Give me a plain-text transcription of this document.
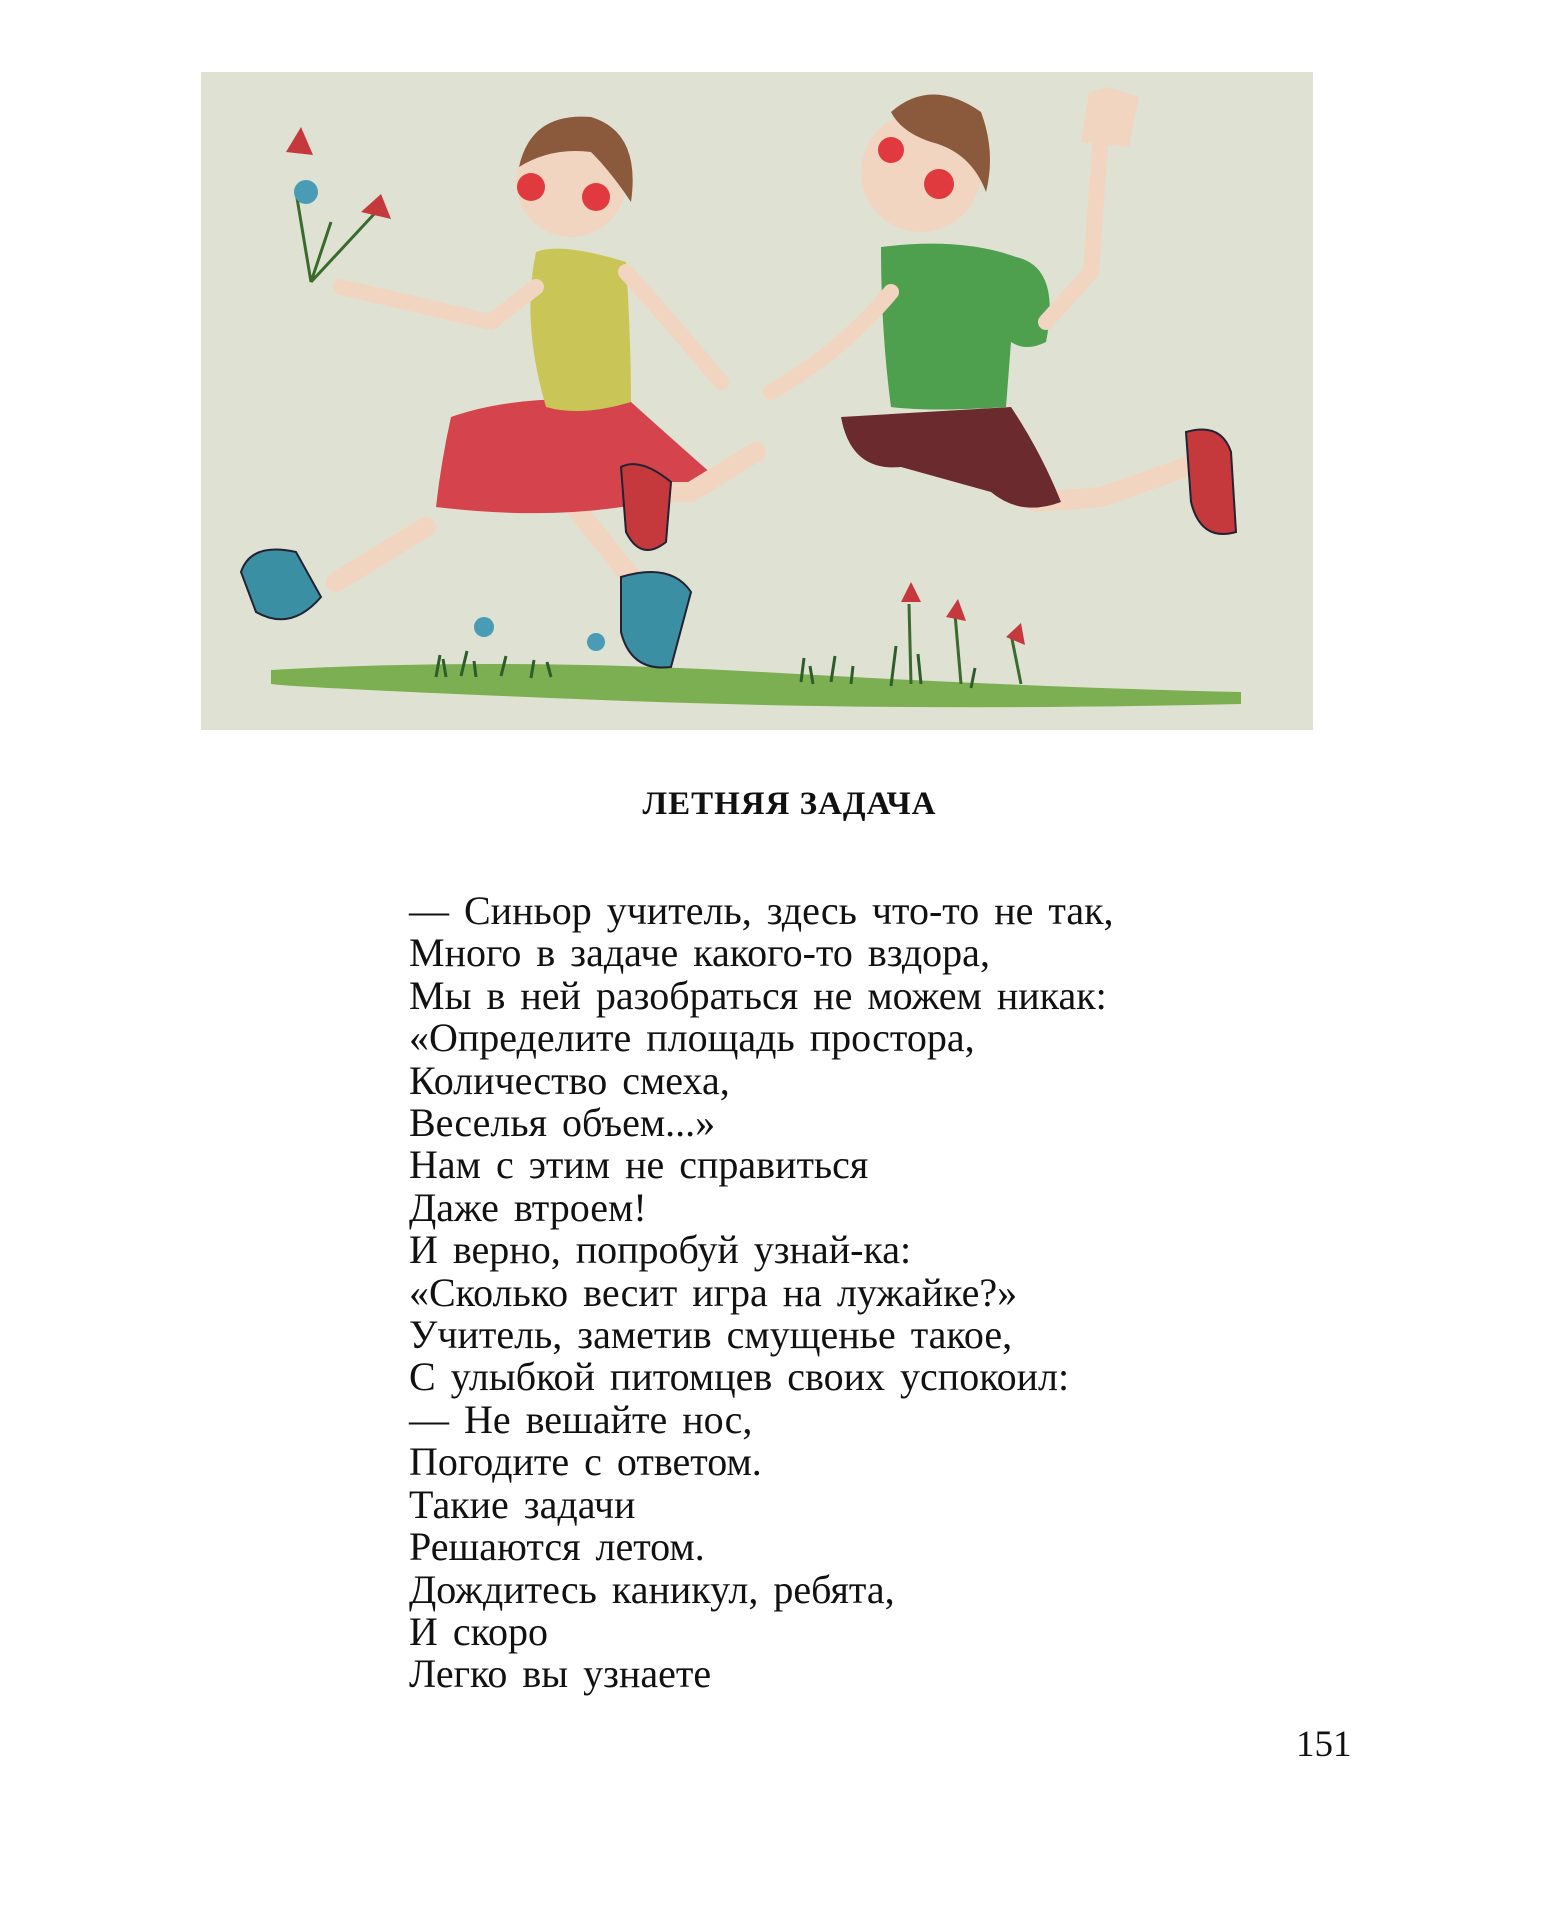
ЛЕТНЯЯ ЗАДАЧА
— Синьор учитель, здесь что-то не так,
Много в задаче какого-то вздора,
Мы в ней разобраться не можем никак:
«Определите площадь простора,
Количество смеха,
Веселья объем...»
Нам с этим не справиться
Даже втроем!
И верно, попробуй узнай-ка:
«Сколько весит игра на лужайке?»
Учитель, заметив смущенье такое,
С улыбкой питомцев своих успокоил:
— Не вешайте нос,
Погодите с ответом.
Такие задачи
Решаются летом.
Дождитесь каникул, ребята,
И скоро
Легко вы узнаете
151
